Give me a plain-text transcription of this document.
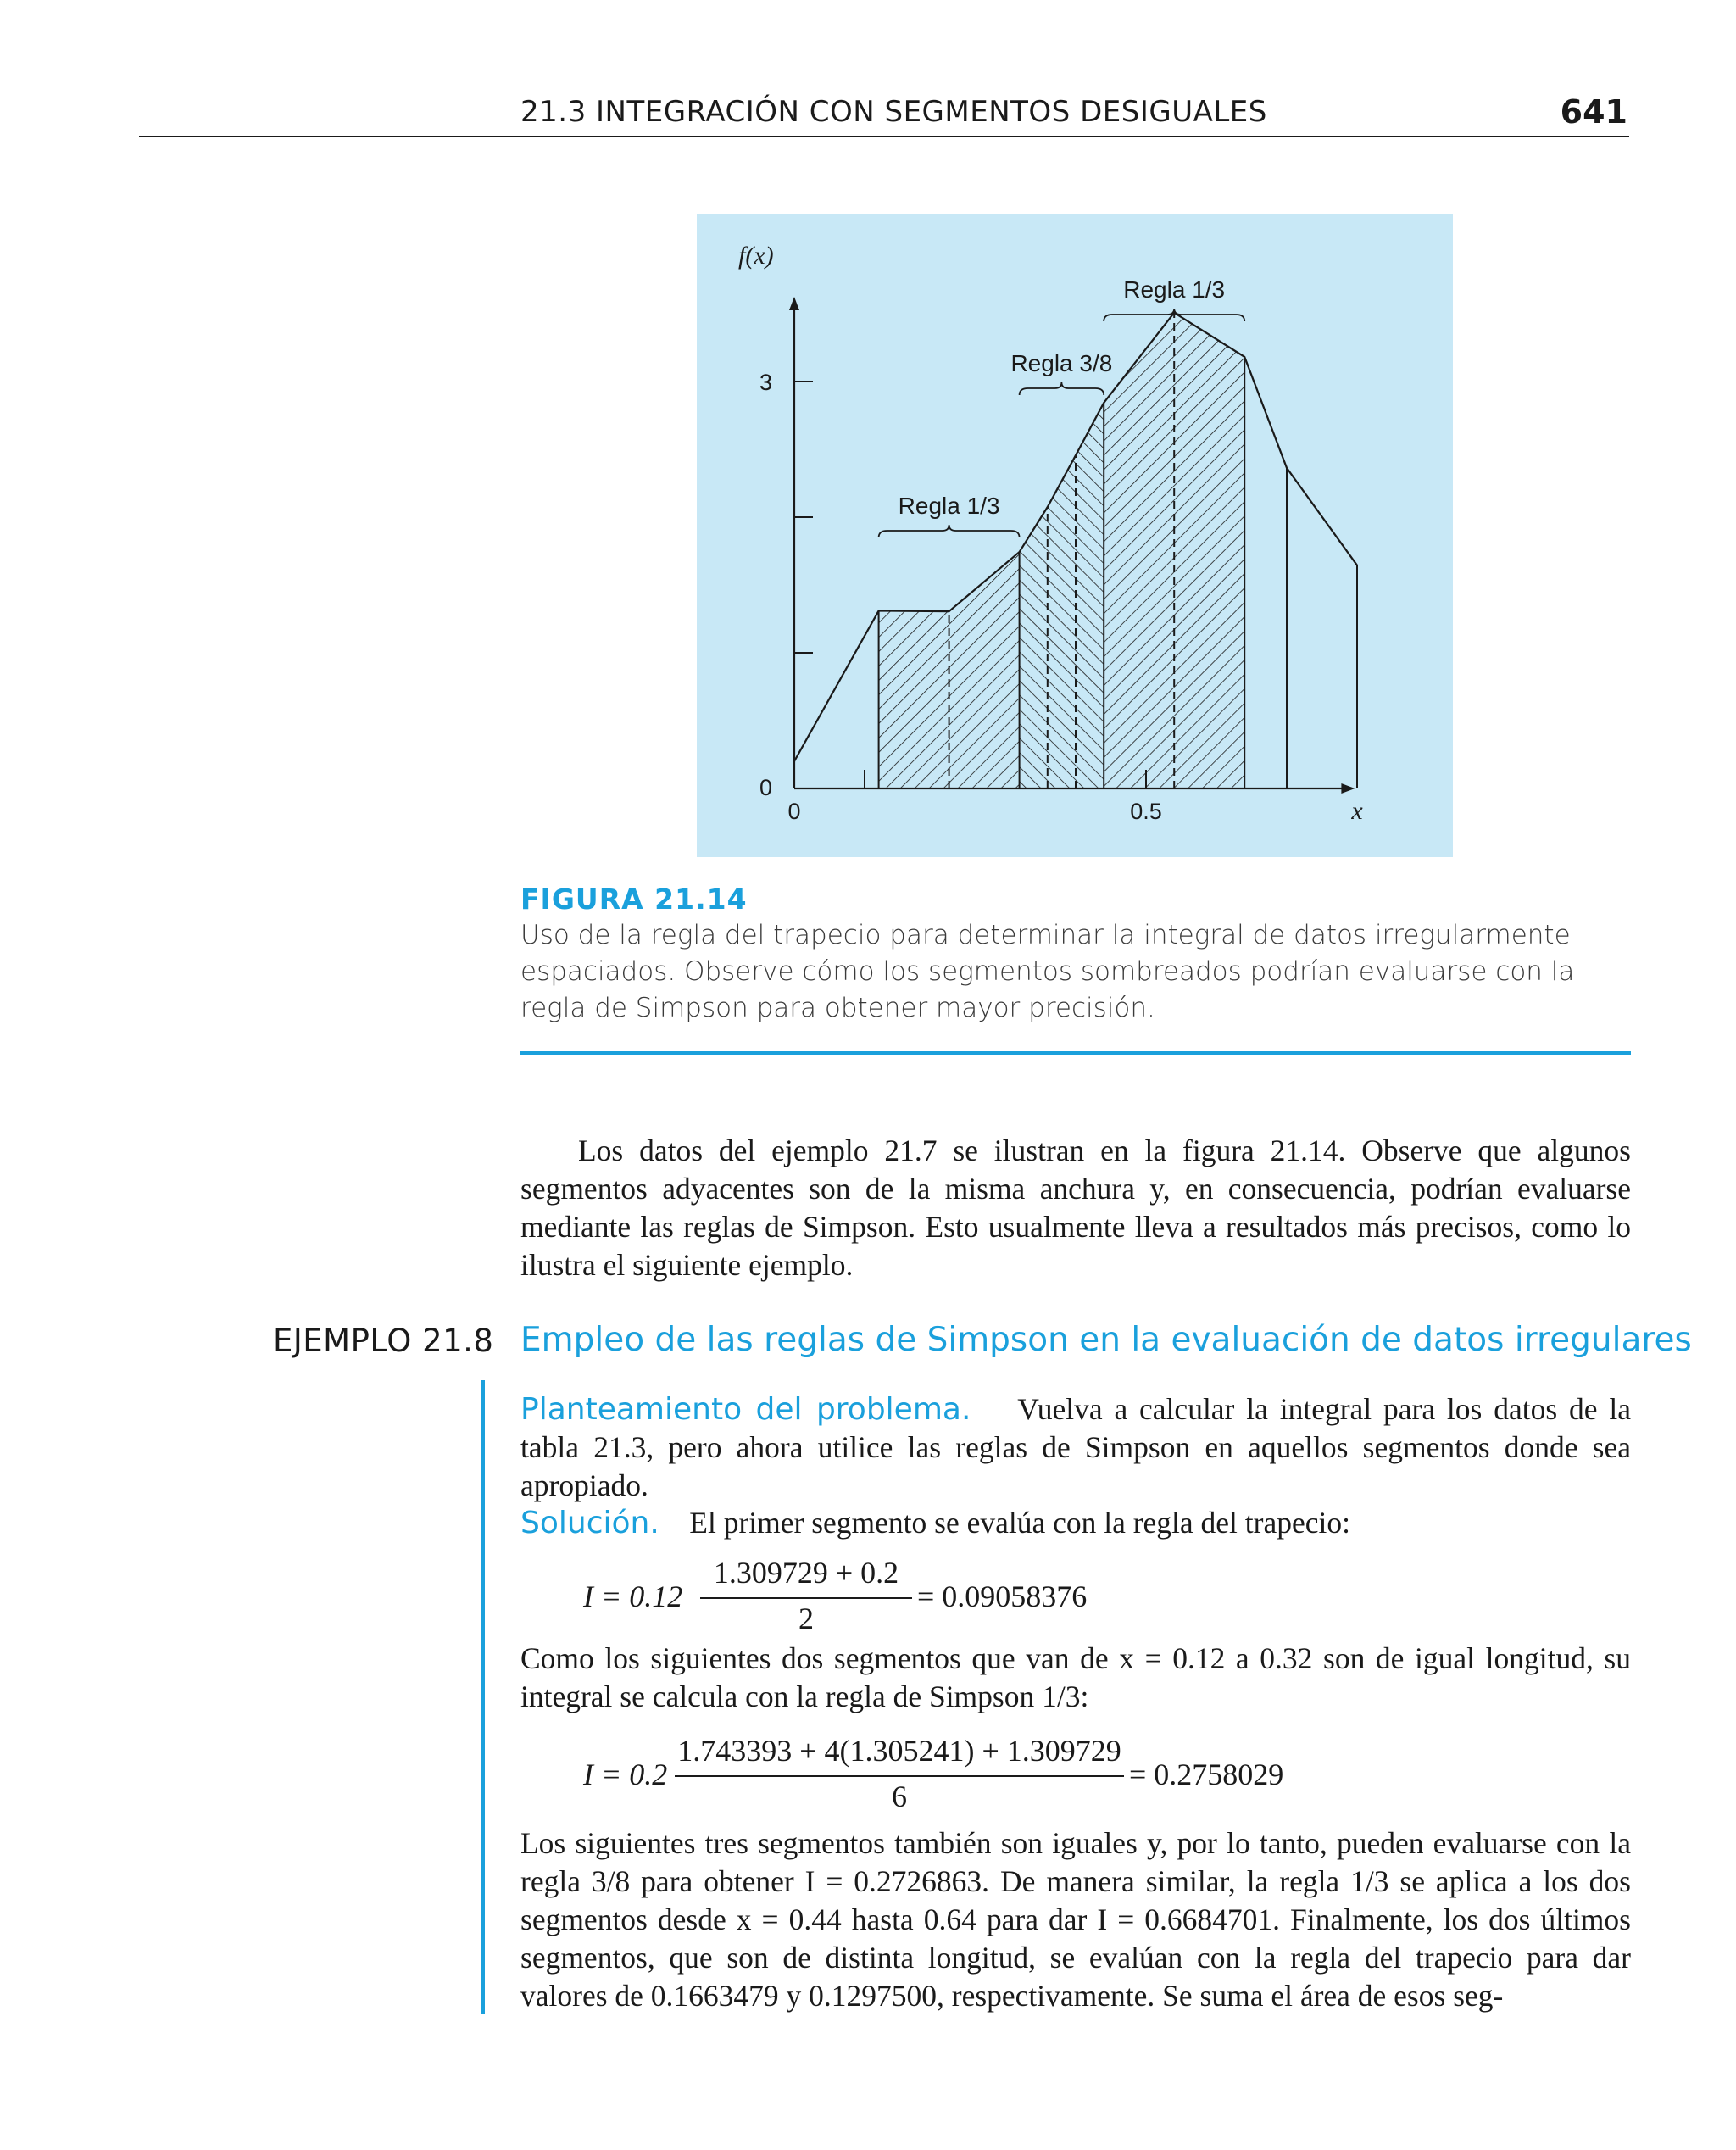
21.3 INTEGRACIÓN CON SEGMENTOS DESIGUALES	641
0
3
0	0.5
f(x)
x
Regla 1/3
Regla 3/8
Regla 1/3
FIGURA 21.14
Uso de la regla del trapecio para determinar la integral de datos irregularmente espaciados. Observe cómo los segmentos sombreados podrían evaluarse con la regla de Simpson para obtener mayor precisión.
Los datos del ejemplo 21.7 se ilustran en la figura 21.14. Observe que algunos segmentos adyacentes son de la misma anchura y, en consecuencia, podrían evaluarse mediante las reglas de Simpson. Esto usualmente lleva a resultados más precisos, como lo ilustra el siguiente ejemplo.
EJEMPLO 21.8 Empleo de las reglas de Simpson en la evaluación de datos irregulares
Planteamiento del problema. Vuelva a calcular la integral para los datos de la tabla 21.3, pero ahora utilice las reglas de Simpson en aquellos segmentos donde sea apropiado.
Solución. El primer segmento se evalúa con la regla del trapecio:
I = 0.12
1.309729 + 0.2
2
= 0.09058376
Como los siguientes dos segmentos que van de x = 0.12 a 0.32 son de igual longitud, su integral se calcula con la regla de Simpson 1/3:
I = 0.2
1.743393 + 4(1.305241) + 1.309729
6
= 0.2758029
Los siguientes tres segmentos también son iguales y, por lo tanto, pueden evaluarse con la regla 3/8 para obtener I = 0.2726863. De manera similar, la regla 1/3 se aplica a los dos segmentos desde x = 0.44 hasta 0.64 para dar I = 0.6684701. Finalmente, los dos últimos segmentos, que son de distinta longitud, se evalúan con la regla del trapecio para dar valores de 0.1663479 y 0.1297500, respectivamente. Se suma el área de esos seg-
